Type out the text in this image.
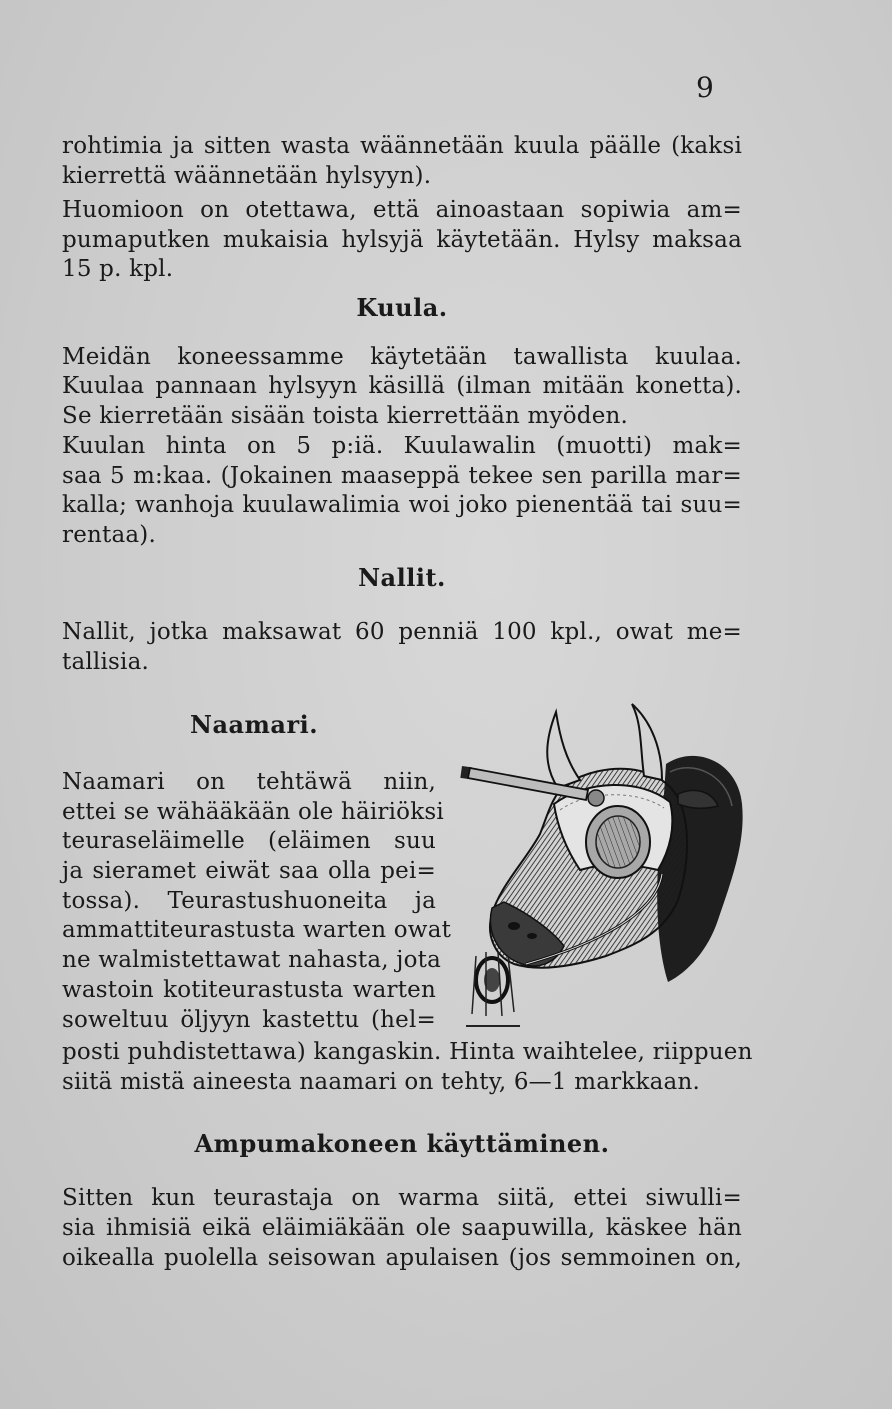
9
rohtimia ja sitten wasta wäännetään kuula päälle (kaksi
kierrettä wäännetään hylsyyn).
Huomioon on otettawa, että ainoastaan sopiwia am=
pumaputken mukaisia hylsyjä käytetään. Hylsy maksaa
15 p. kpl.
Kuula.
Meidän koneessamme käytetään tawallista kuulaa.
Kuulaa pannaan hylsyyn käsillä (ilman mitään konetta).
Se kierretään sisään toista kierrettään myöden.
Kuulan hinta on 5 p:iä. Kuulawalin (muotti) mak=
saa 5 m:kaa. (Jokainen maaseppä tekee sen parilla mar=
kalla; wanhoja kuulawalimia woi joko pienentää tai suu=
rentaa).
Nallit.
Nallit, jotka maksawat 60 penniä 100 kpl., owat me=
tallisia.
Naamari.
Naamari on tehtäwä niin,
ettei se wähääkään ole häiriöksi
teuraseläimelle (eläimen suu
ja sieramet eiwät saa olla pei=
tossa). Teurastushuoneita ja
ammattiteurastusta warten owat
ne walmistettawat nahasta, jota
wastoin kotiteurastusta warten
soweltuu öljyyn kastettu (hel=
posti puhdistettawa) kangaskin. Hinta waihtelee, riippuen
siitä mistä aineesta naamari on tehty, 6—1 markkaan.
Ampumakoneen käyttäminen.
Sitten kun teurastaja on warma siitä, ettei siwulli=
sia ihmisiä eikä eläimiäkään ole saapuwilla, käskee hän
oikealla puolella seisowan apulaisen (jos semmoinen on,
